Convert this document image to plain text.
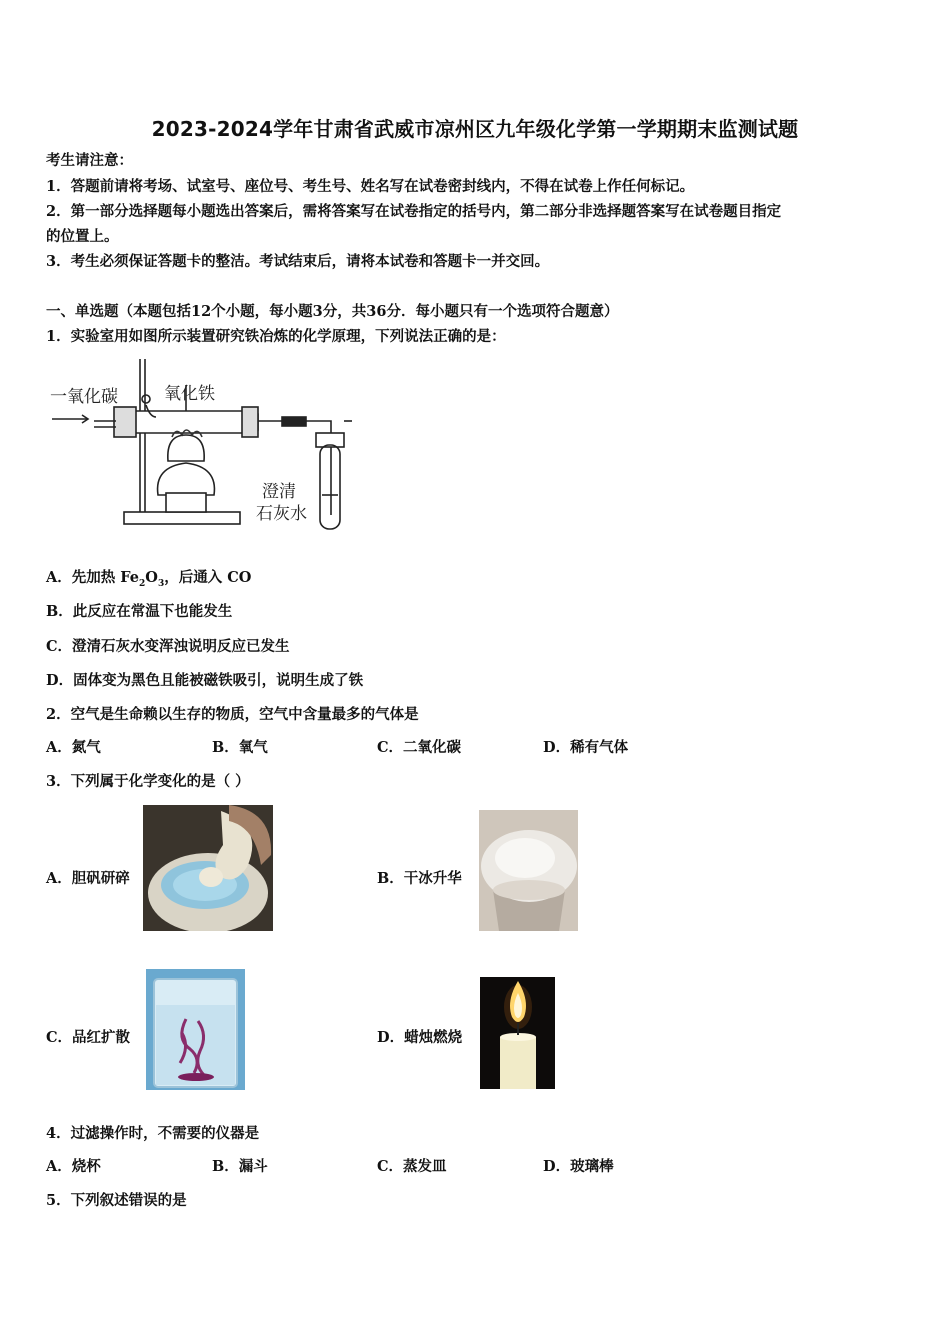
2023-2024学年甘肃省武威市凉州区九年级化学第一学期期末监测试题
考生请注意：
1．答题前请将考场、试室号、座位号、考生号、姓名写在试卷密封线内，不得在试卷上作任何标记。
2．第一部分选择题每小题选出答案后，需将答案写在试卷指定的括号内，第二部分非选择题答案写在试卷题目指定
的位置上。
3．考生必须保证答题卡的整洁。考试结束后，请将本试卷和答题卡一并交回。
一、单选题（本题包括12个小题，每小题3分，共36分．每小题只有一个选项符合题意）
1．实验室用如图所示装置研究铁冶炼的化学原理，下列说法正确的是：
一氧化碳	氧化铁
澄清
石灰水
A．先加热 $Fe_2O_3$，后通入 CO
B．此反应在常温下也能发生
C．澄清石灰水变浑浊说明反应已发生
D．固体变为黑色且能被磁铁吸引，说明生成了铁
2．空气是生命赖以生存的物质，空气中含量最多的气体是
A．氮气	B．氧气	C．二氧化碳	D．稀有气体
3．下列属于化学变化的是（ ）
A．胆矾研碎	B．干冰升华
C．品红扩散	D．蜡烛燃烧
4．过滤操作时，不需要的仪器是
A．烧杯	B．漏斗	C．蒸发皿	D．玻璃棒
5．下列叙述错误的是
